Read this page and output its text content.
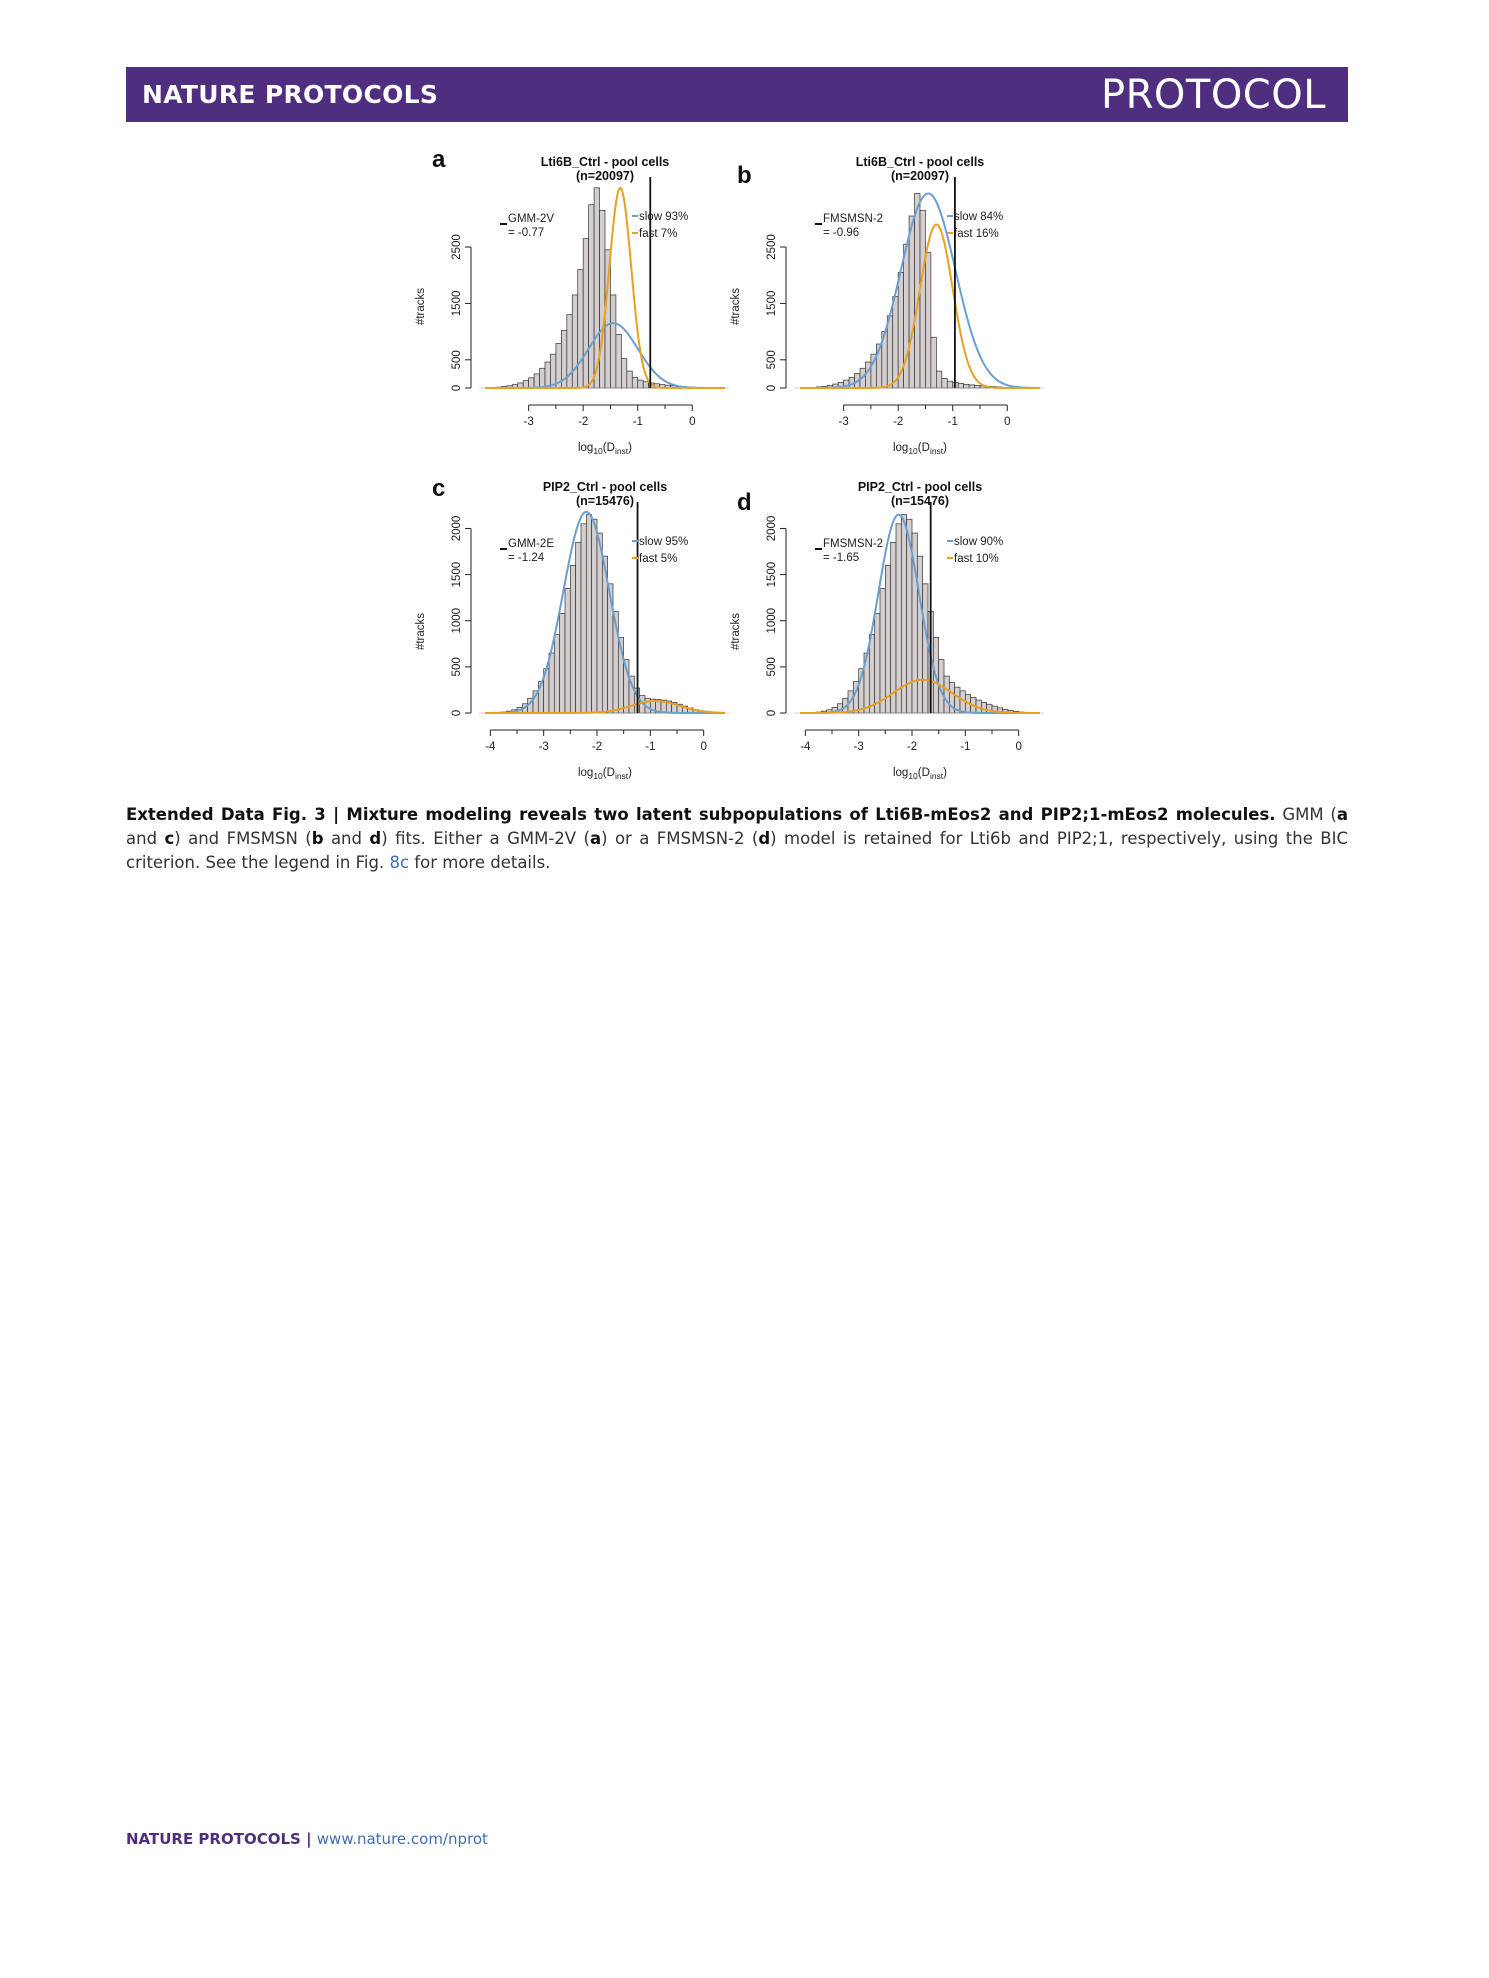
NATURE PROTOCOLS	PROTOCOL
a	Lti6B_Ctrl - pool cells
(n=20097)
-3	-2	-1	0
$\log_{10}(D_{inst})$
0
500
1500
2500
#tracks
GMM-2V
= -0.77
slow 93%
fast 7%
b	Lti6B_Ctrl - pool cells
(n=20097)
-3	-2	-1	0
$\log_{10}(D_{inst})$
0
500
1500
2500
#tracks
FMSMSN-2
= -0.96
slow 84%
fast 16%
c	PIP2_Ctrl - pool cells
(n=15476)
-4	-3	-2	-1	0
$\log_{10}(D_{inst})$
0
500
1000
1500
2000
#tracks
GMM-2E
= -1.24
slow 95%
fast 5%
d
PIP2_Ctrl - pool cells
(n=15476)
-4	-3	-2	-1	0
$\log_{10}(D_{inst})$
0
500
1000
1500
2000
#tracks
FMSMSN-2
= -1.65
slow 90%
fast 10%
Extended Data Fig. 3 | Mixture modeling reveals two latent subpopulations of Lti6B-mEos2 and PIP2;1-mEos2 molecules. GMM (a and c) and FMSMSN (b and d) fits. Either a GMM-2V (a) or a FMSMSN-2 (d) model is retained for Lti6b and PIP2;1, respectively, using the BIC criterion. See the legend in Fig. 8c for more details.
NATURE PROTOCOLS | www.nature.com/nprot
